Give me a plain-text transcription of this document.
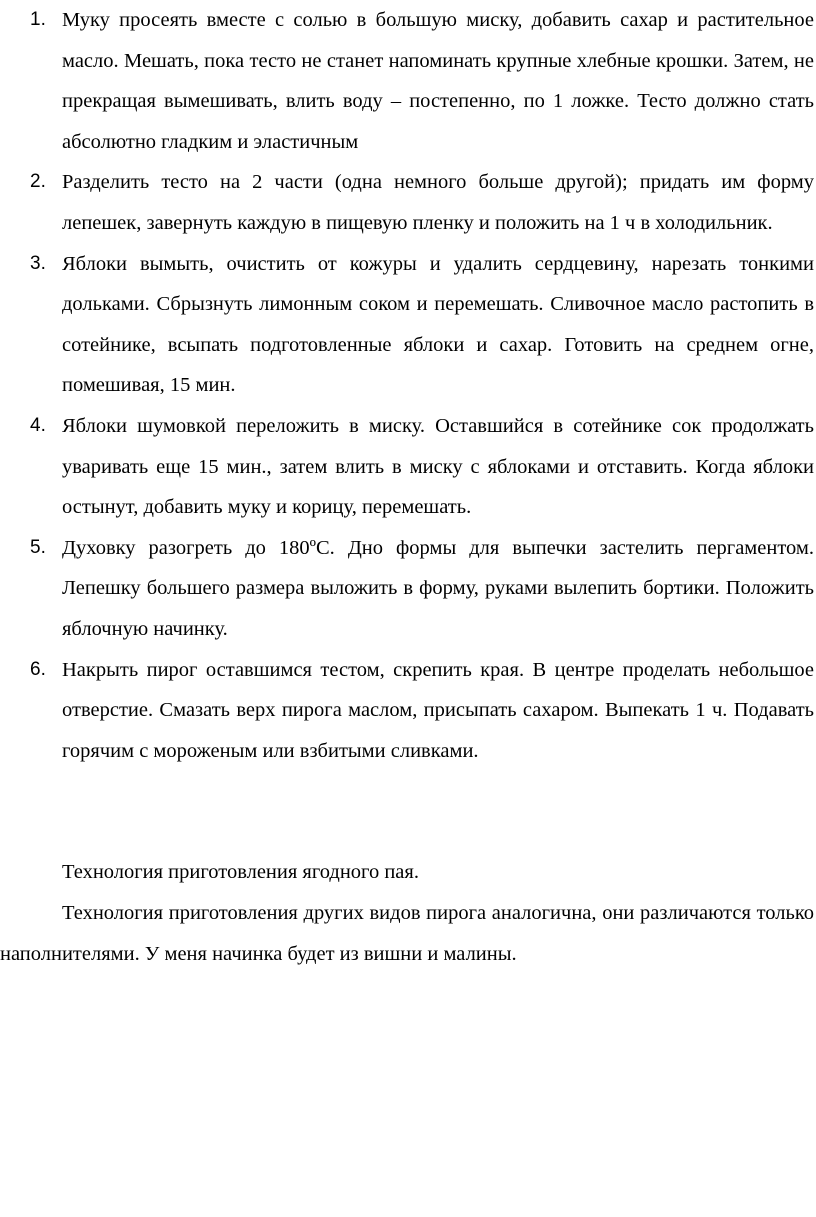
1. Муку просеять вместе с солью в большую миску, добавить сахар и растительное масло. Мешать, пока тесто не станет напоминать крупные хлебные крошки. Затем, не прекращая вымешивать, влить воду – постепенно, по 1 ложке. Тесто должно стать абсолютно гладким и эластичным
2. Разделить тесто на 2 части (одна немного больше другой); придать им форму лепешек, завернуть каждую в пищевую пленку и положить на 1 ч в холодильник.
3. Яблоки вымыть, очистить от кожуры и удалить сердцевину, нарезать тонкими дольками. Сбрызнуть лимонным соком и перемешать. Сливочное масло растопить в сотейнике, всыпать подготовленные яблоки и сахар. Готовить на среднем огне, помешивая, 15 мин.
4. Яблоки шумовкой переложить в миску. Оставшийся в сотейнике сок продолжать уваривать еще 15 мин., затем влить в миску с яблоками и отставить. Когда яблоки остынут, добавить муку и корицу, перемешать.
5. Духовку разогреть до 180ºС. Дно формы для выпечки застелить пергаментом. Лепешку большего размера выложить в форму, руками вылепить бортики. Положить яблочную начинку.
6. Накрыть пирог оставшимся тестом, скрепить края. В центре проделать небольшое отверстие. Смазать верх пирога маслом, присыпать сахаром. Выпекать 1 ч. Подавать горячим с мороженым или взбитыми сливками.

Технология приготовления ягодного пая.

Технология приготовления других видов пирога аналогична, они различаются только наполнителями. У меня начинка будет из вишни и малины.
